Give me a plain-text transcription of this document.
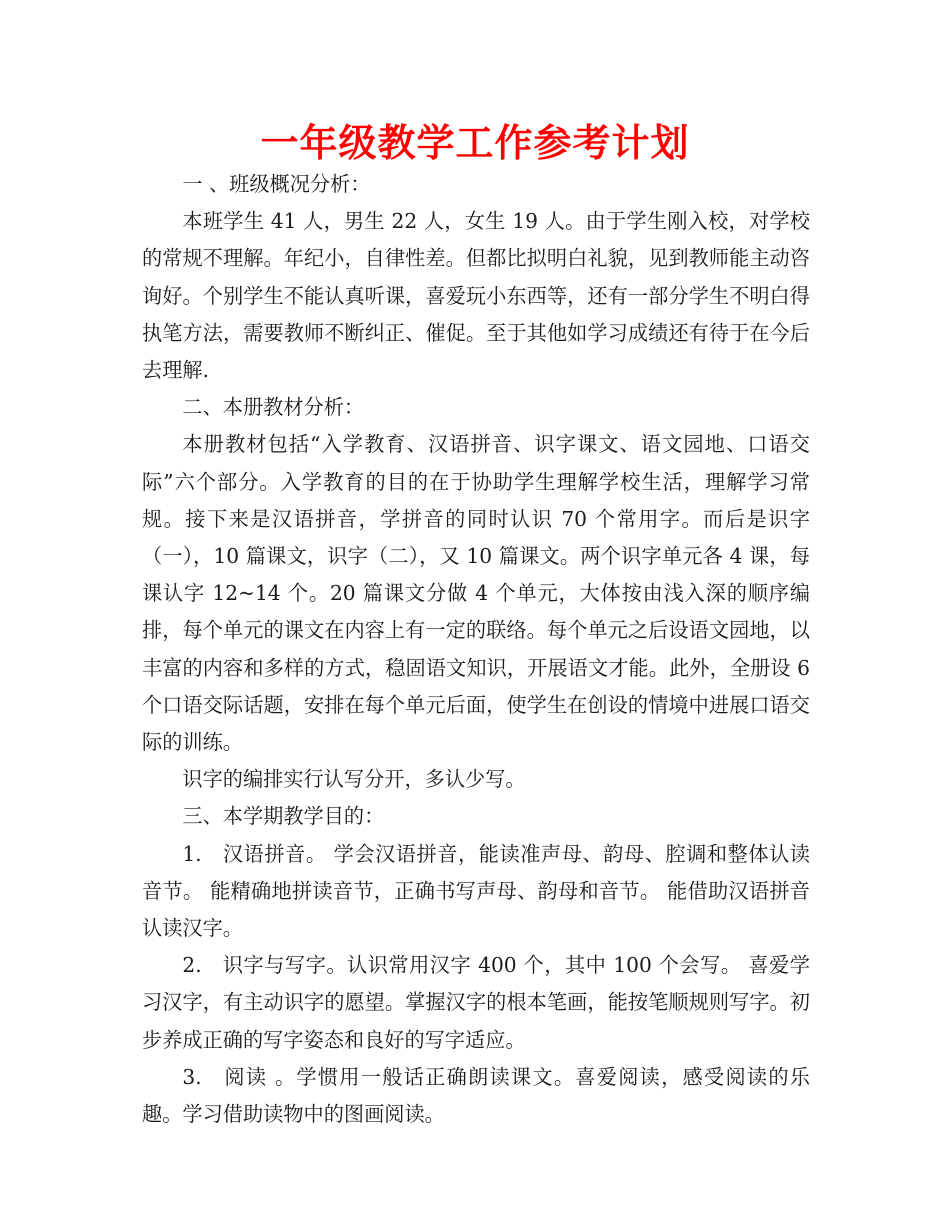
一年级教学工作参考计划

一 、班级概况分析：

本班学生 41 人，男生 22 人，女生 19 人。由于学生刚入校，对学校的常规不理解。年纪小，自律性差。但都比拟明白礼貌，见到教师能主动咨询好。个别学生不能认真听课，喜爱玩小东西等，还有一部分学生不明白得执笔方法，需要教师不断纠正、催促。至于其他如学习成绩还有待于在今后去理解.

二、本册教材分析：

本册教材包括“入学教育、汉语拼音、识字课文、语文园地、口语交际”六个部分。入学教育的目的在于协助学生理解学校生活，理解学习常规。接下来是汉语拼音，学拼音的同时认识 70 个常用字。而后是识字（一），10 篇课文，识字（二），又 10 篇课文。两个识字单元各 4 课，每课认字 12~14 个。20 篇课文分做 4 个单元，大体按由浅入深的顺序编排，每个单元的课文在内容上有一定的联络。每个单元之后设语文园地，以丰富的内容和多样的方式，稳固语文知识，开展语文才能。此外，全册设 6 个口语交际话题，安排在每个单元后面，使学生在创设的情境中进展口语交际的训练。

识字的编排实行认写分开，多认少写。

三、本学期教学目的：

1.　汉语拼音。 学会汉语拼音，能读准声母、韵母、腔调和整体认读音节。 能精确地拼读音节，正确书写声母、韵母和音节。 能借助汉语拼音认读汉字。

2.　识字与写字。认识常用汉字 400 个，其中 100 个会写。 喜爱学习汉字，有主动识字的愿望。掌握汉字的根本笔画，能按笔顺规则写字。初步养成正确的写字姿态和良好的写字适应。

3.　阅读 。学惯用一般话正确朗读课文。喜爱阅读，感受阅读的乐趣。学习借助读物中的图画阅读。
